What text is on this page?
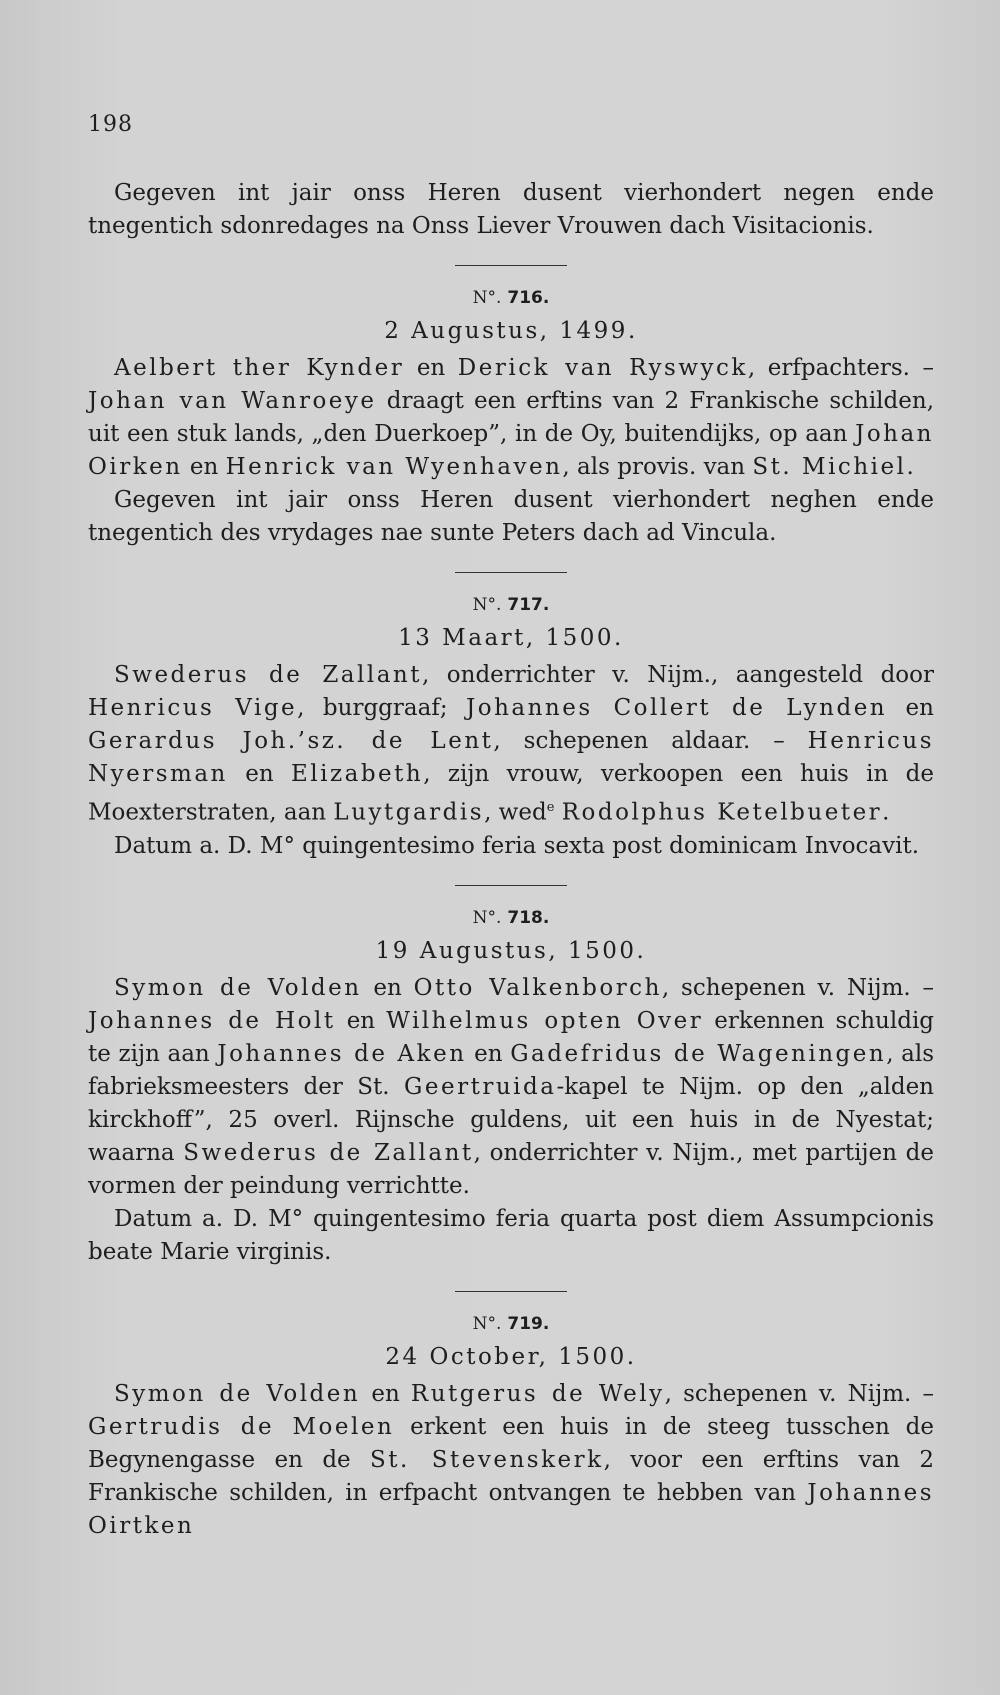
198

Gegeven int jair onss Heren dusent vierhondert negen ende tnegentich sdonredages na Onss Liever Vrouwen dach Visitacionis.

N°. 716.
2 Augustus, 1499.

Aelbert ther Kynder en Derick van Ryswyck, erfpachters. – Johan van Wanroeye draagt een erftins van 2 Frankische schilden, uit een stuk lands, „den Duerkoep”, in de Oy, buitendijks, op aan Johan Oirken en Henrick van Wyenhaven, als provis. van St. Michiel.

Gegeven int jair onss Heren dusent vierhondert neghen ende tnegentich des vrydages nae sunte Peters dach ad Vincula.

N°. 717.
13 Maart, 1500.

Swederus de Zallant, onderrichter v. Nijm., aangesteld door Henricus Vige, burggraaf; Johannes Collert de Lynden en Gerardus Joh.’sz. de Lent, schepenen aldaar. – Henricus Nyersman en Elizabeth, zijn vrouw, verkoopen een huis in de Moexterstraten, aan Luytgardis, wed$^e$ Rodolphus Ketelbueter.

Datum a. D. M° quingentesimo feria sexta post dominicam Invocavit.

N°. 718.
19 Augustus, 1500.

Symon de Volden en Otto Valkenborch, schepenen v. Nijm. – Johannes de Holt en Wilhelmus opten Over erkennen schuldig te zijn aan Johannes de Aken en Gadefridus de Wageningen, als fabrieksmeesters der St. Geertruida-kapel te Nijm. op den „alden kirckhoff”, 25 overl. Rijnsche guldens, uit een huis in de Nyestat; waarna Swederus de Zallant, onderrichter v. Nijm., met partijen de vormen der peindung verrichtte.

Datum a. D. M° quingentesimo feria quarta post diem Assumpcionis beate Marie virginis.

N°. 719.
24 October, 1500.

Symon de Volden en Rutgerus de Wely, schepenen v. Nijm. – Gertrudis de Moelen erkent een huis in de steeg tusschen de Begynengasse en de St. Stevenskerk, voor een erftins van 2 Frankische schilden, in erfpacht ontvangen te hebben van Johannes Oirtken
